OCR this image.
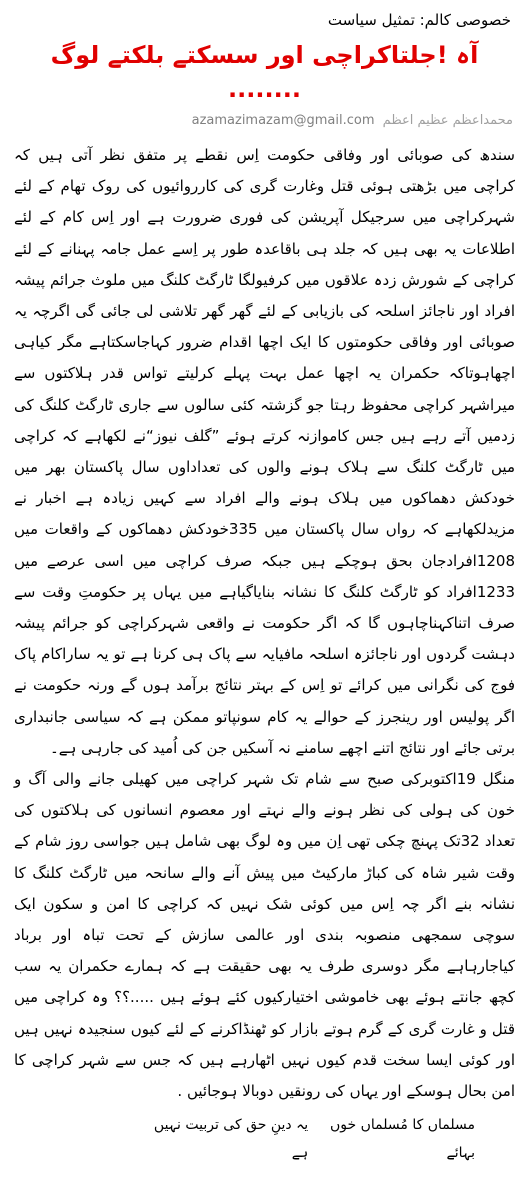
خصوصی کالم: تمثیل سیاست
آہ !جلتاکراچی اور سسکتے بلکتے لوگ ........
azamazimazam@gmail.com محمداعظم عظیم اعظم

سندھ کی صوبائی اور وفاقی حکومت اِس نقطے پر متفق نظر آتی ہیں کہ کراچی میں بڑھتی ہوئی قتل وغارت گری کی کارروائیوں کی روک تھام کے لئے شہرکراچی میں سرجیکل آپریشن کی فوری ضرورت ہے اور اِس کام کے لئے اطلاعات یہ بھی ہیں کہ جلد ہی باقاعدہ طور پر اِسے عمل جامہ پہنانے کے لئے کراچی کے شورش زدہ علاقوں میں کرفیولگا ٹارگٹ کلنگ میں ملوث جرائم پیشہ افراد اور ناجائز اسلحہ کی بازیابی کے لئے گھر گھر تلاشی لی جائی گی اگرچہ یہ صوبائی اور وفاقی حکومتوں کا ایک اچھا اقدام ضرور کہاجاسکتاہے مگر کیاہی اچھاہوتاکہ حکمران یہ اچھا عمل بہت پہلے کرلیتے تواس قدر ہلاکتوں سے میراشہر کراچی محفوظ رہتا جو گزشتہ کئی سالوں سے جاری ٹارگٹ کلنگ کی زدمیں آتے رہے ہیں جس کاموازنہ کرتے ہوئے ”گلف نیوز“نے لکھاہے کہ کراچی میں ٹارگٹ کلنگ سے ہلاک ہونے والوں کی تعداداوں سال پاکستان بھر میں خودکش دھماکوں میں ہلاک ہونے والے افراد سے کہیں زیادہ ہے اخبار نے مزیدلکھاہے کہ رواں سال پاکستان میں 335خودکش دھماکوں کے واقعات میں 1208افرادجان بحق ہوچکے ہیں جبکہ صرف کراچی میں اسی عرصے میں 1233افراد کو ٹارگٹ کلنگ کا نشانہ بنایاگیاہے میں یہاں پر حکومتِ وقت سے صرف اتناکہناچاہوں گا کہ اگر حکومت نے واقعی شہرکراچی کو جرائم پیشہ دہشت گردوں اور ناجائزہ اسلحہ مافیایہ سے پاک ہی کرنا ہے تو یہ ساراکام پاک فوج کی نگرانی میں کرائے تو اِس کے بہتر نتائج برآمد ہوں گے ورنہ حکومت نے اگر پولیس اور رینجرز کے حوالے یہ کام سونپاتو ممکن ہے کہ سیاسی جانبداری برتی جائے اور نتائج اتنے اچھے سامنے نہ آسکیں جن کی اُمید کی جارہی ہے۔

منگل 19اکتوبرکی صبح سے شام تک شہر کراچی میں کھیلی جانے والی آگ و خون کی ہولی کی نظر ہونے والے نہتے اور معصوم انسانوں کی ہلاکتوں کی تعداد 32تک پہنچ چکی تھی اِن میں وہ لوگ بھی شامل ہیں جواسی روز شام کے وقت شیر شاہ کی کباڑ مارکیٹ میں پیش آنے والے سانحہ میں ٹارگٹ کلنگ کا نشانہ بنے اگر چہ اِس میں کوئی شک نہیں کہ کراچی کا امن و سکون ایک سوچی سمجھی منصوبہ بندی اور عالمی سازش کے تحت تباہ اور برباد کیاجارہاہے مگر دوسری طرف یہ بھی حقیقت ہے کہ ہمارے حکمران یہ سب کچھ جانتے ہوئے بھی خاموشی اختیارکیوں کئے ہوئے ہیں .....؟؟ وہ کراچی میں قتل و غارت گری کے گرم ہوتے بازار کو ٹھنڈاکرنے کے لئے کیوں سنجیدہ نہیں ہیں اور کوئی ایسا سخت قدم کیوں نہیں اٹھارہے ہیں کہ جس سے شہر کراچی کا امن بحال ہوسکے اور یہاں کی رونقیں دوبالا ہوجائیں .

مسلماں کا مُسلماں خوں بہائے
یہ دینِ حق کی تربیت نہیں ہے
